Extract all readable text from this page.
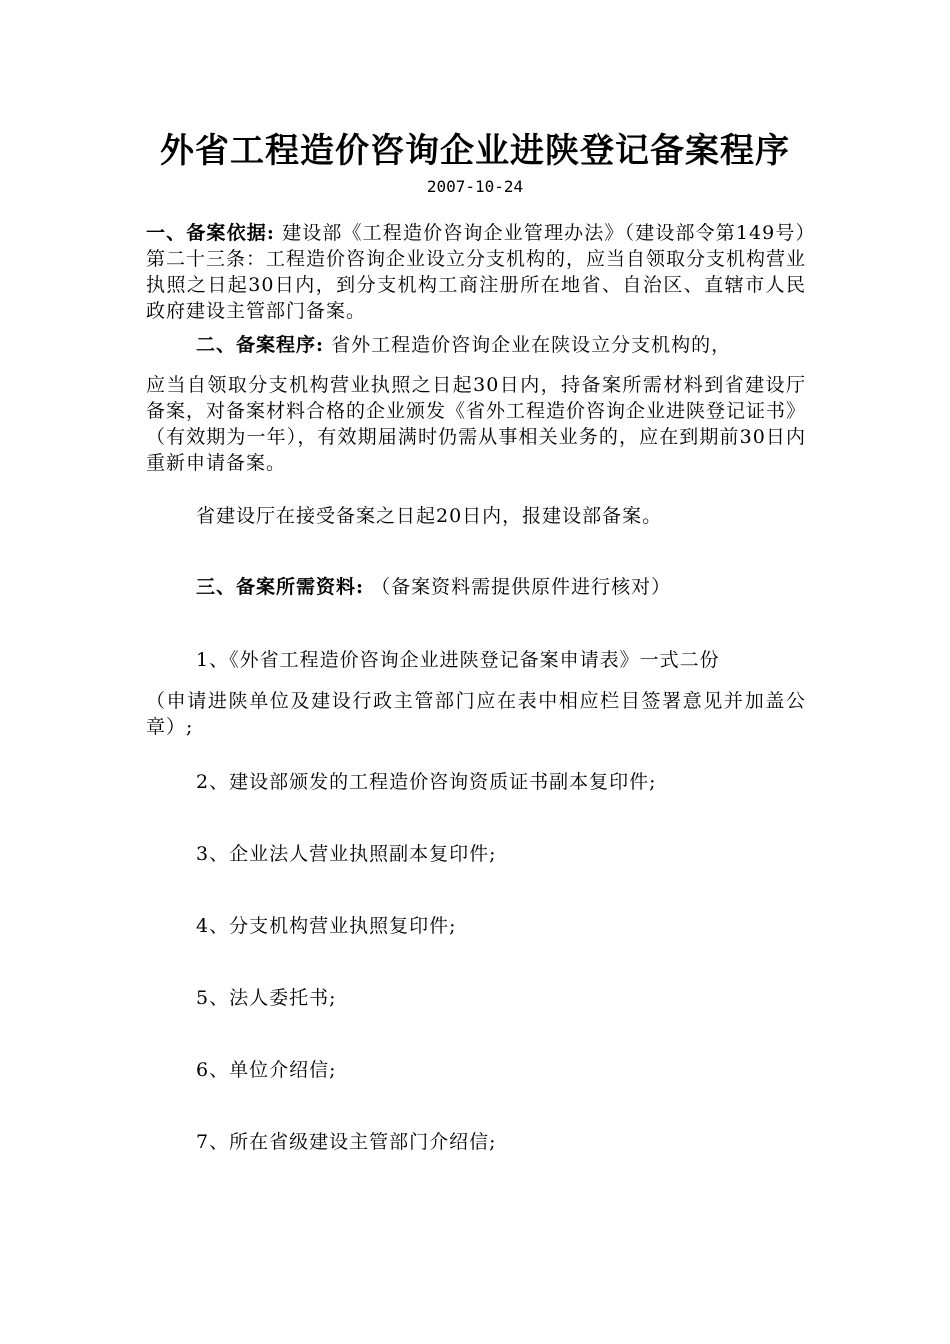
外省工程造价咨询企业进陕登记备案程序
2007-10-24
一、备案依据: 建设部《工程造价咨询企业管理办法》（建设部令第149号）第二十三条：工程造价咨询企业设立分支机构的，应当自领取分支机构营业执照之日起30日内，到分支机构工商注册所在地省、自治区、直辖市人民政府建设主管部门备案。
二、备案程序: 省外工程造价咨询企业在陕设立分支机构的，
应当自领取分支机构营业执照之日起30日内，持备案所需材料到省建设厅备案，对备案材料合格的企业颁发《省外工程造价咨询企业进陕登记证书》（有效期为一年），有效期届满时仍需从事相关业务的，应在到期前30日内重新申请备案。
省建设厅在接受备案之日起20日内，报建设部备案。
三、备案所需资料: （备案资料需提供原件进行核对）
1、《外省工程造价咨询企业进陕登记备案申请表》一式二份
（申请进陕单位及建设行政主管部门应在表中相应栏目签署意见并加盖公章）;
2、建设部颁发的工程造价咨询资质证书副本复印件;
3、企业法人营业执照副本复印件;
4、分支机构营业执照复印件;
5、法人委托书;
6、单位介绍信;
7、所在省级建设主管部门介绍信;
